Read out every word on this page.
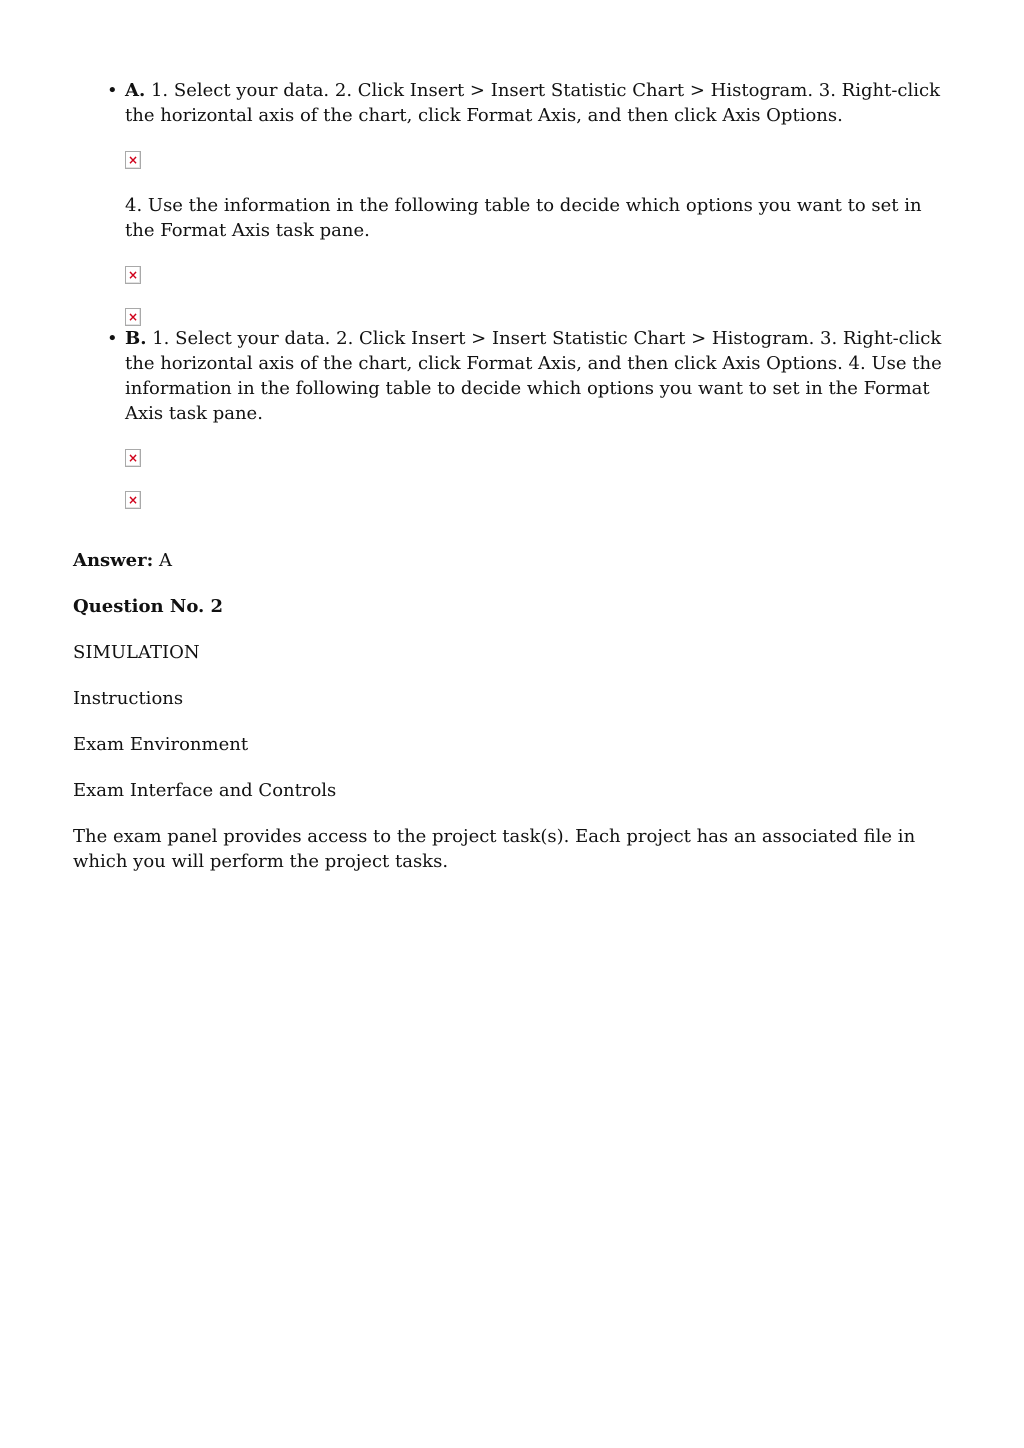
• A. 1. Select your data. 2. Click Insert > Insert Statistic Chart > Histogram. 3. Right-click the horizontal axis of the chart, click Format Axis, and then click Axis Options.

×

4. Use the information in the following table to decide which options you want to set in the Format Axis task pane.

×
×
• B. 1. Select your data. 2. Click Insert > Insert Statistic Chart > Histogram. 3. Right-click the horizontal axis of the chart, click Format Axis, and then click Axis Options. 4. Use the information in the following table to decide which options you want to set in the Format Axis task pane.

×
×

Answer: A

Question No. 2

SIMULATION

Instructions

Exam Environment

Exam Interface and Controls

The exam panel provides access to the project task(s). Each project has an associated file in which you will perform the project tasks.
